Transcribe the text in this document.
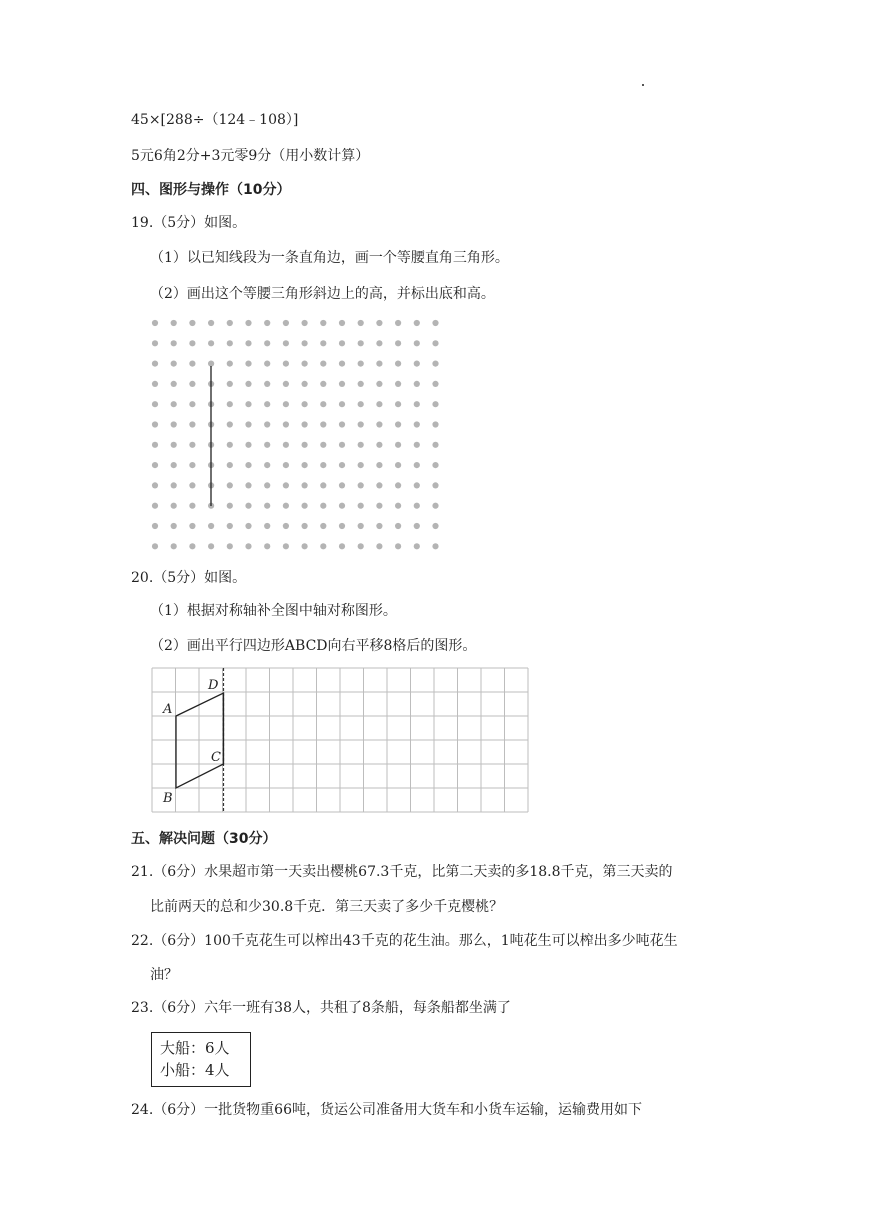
45×[288÷（124﹣108）]
5元6角2分+3元零9分（用小数计算）
四、图形与操作（10分）
19.（5分）如图。
（1）以已知线段为一条直角边，画一个等腰直角三角形。
（2）画出这个等腰三角形斜边上的高，并标出底和高。
20.（5分）如图。
（1）根据对称轴补全图中轴对称图形。
（2）画出平行四边形ABCD向右平移8格后的图形。
D
A
C
B
五、解决问题（30分）
21.（6分）水果超市第一天卖出樱桃67.3千克，比第二天卖的多18.8千克，第三天卖的
比前两天的总和少30.8千克．第三天卖了多少千克樱桃？
22.（6分）100千克花生可以榨出43千克的花生油。那么，1吨花生可以榨出多少吨花生
油？
23.（6分）六年一班有38人，共租了8条船，每条船都坐满了
大船：6人
小船：4人
24.（6分）一批货物重66吨，货运公司准备用大货车和小货车运输，运输费用如下
